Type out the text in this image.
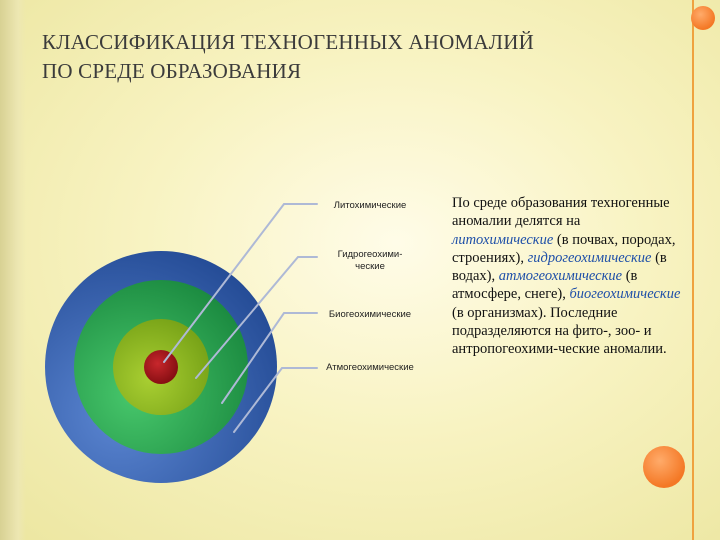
КЛАССИФИКАЦИЯ ТЕХНОГЕННЫХ АНОМАЛИЙ
ПО СРЕДЕ ОБРАЗОВАНИЯ
Литохимические
Гидрогеохими-
ческие
Биогеохимические
Атмогеохимические
По среде образования техногенные аномалии делятся на литохимические (в почвах, породах, строениях), гидрогеохимические (в водах), атмогеохимические (в атмосфере, снеге), биогеохимические (в организмах). Последние подразделяются на фито-, зоо- и антропогеохими-ческие аномалии.
